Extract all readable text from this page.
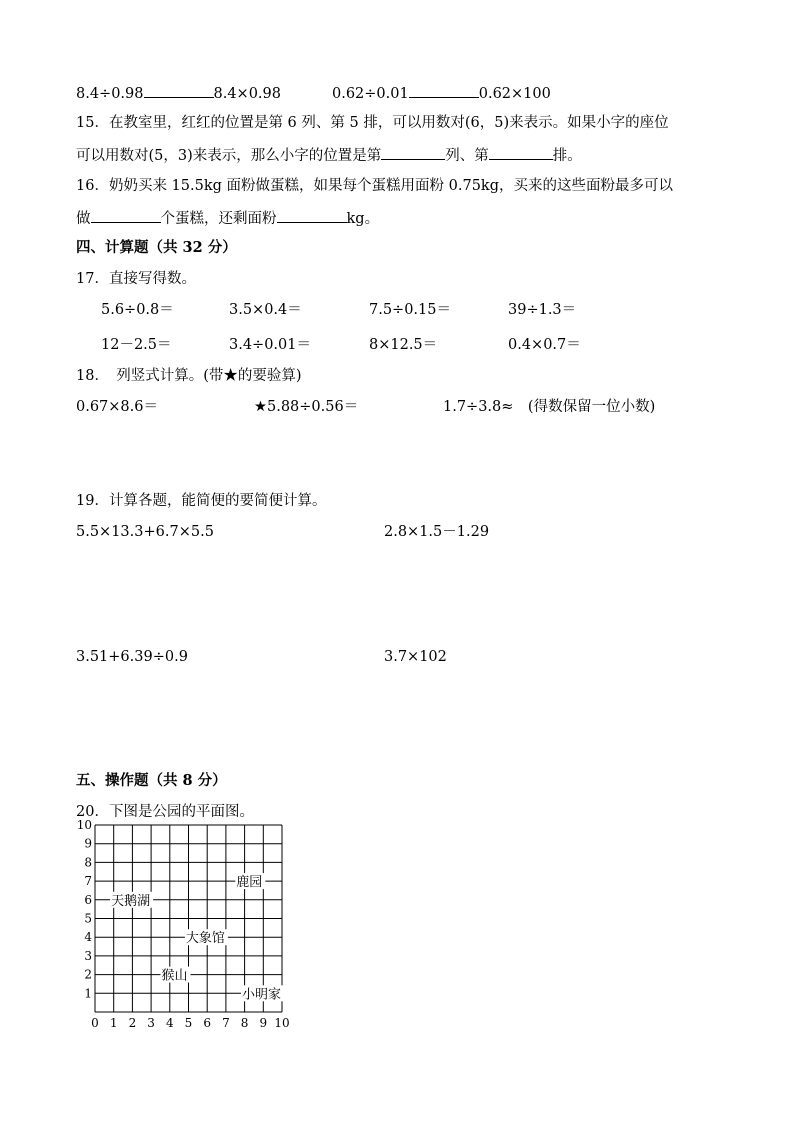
8.4÷0.98	8.4×0.98	0.62÷0.01	0.62×100
15．在教室里，红红的位置是第 6 列、第 5 排，可以用数对(6，5)来表示。如果小字的座位
可以用数对(5，3)来表示，那么小字的位置是第	列、第	排。
16．奶奶买来 15.5kg 面粉做蛋糕，如果每个蛋糕用面粉 0.75kg，买来的这些面粉最多可以
做	个蛋糕，还剩面粉	kg。
四、计算题（共 32 分）
17．直接写得数。
5.6÷0.8＝	3.5×0.4＝	7.5÷0.15＝	39÷1.3＝
12－2.5＝	3.4÷0.01＝	8×12.5＝	0.4×0.7＝
18．　列竖式计算。(带★的要验算)
0.67×8.6＝	★5.88÷0.56＝	1.7÷3.8≈　(得数保留一位小数)
19．计算各题，能简便的要简便计算。
5.5×13.3+6.7×5.5	2.8×1.5－1.29
3.51+6.39÷0.9	3.7×102
五、操作题（共 8 分）
20．下图是公园的平面图。
0 1 2 3 4 5 6 7 8 9 10
1
2
3
4
5
6
7
8
9
10
鹿园
天鹅湖
大象馆
猴山
小明家
